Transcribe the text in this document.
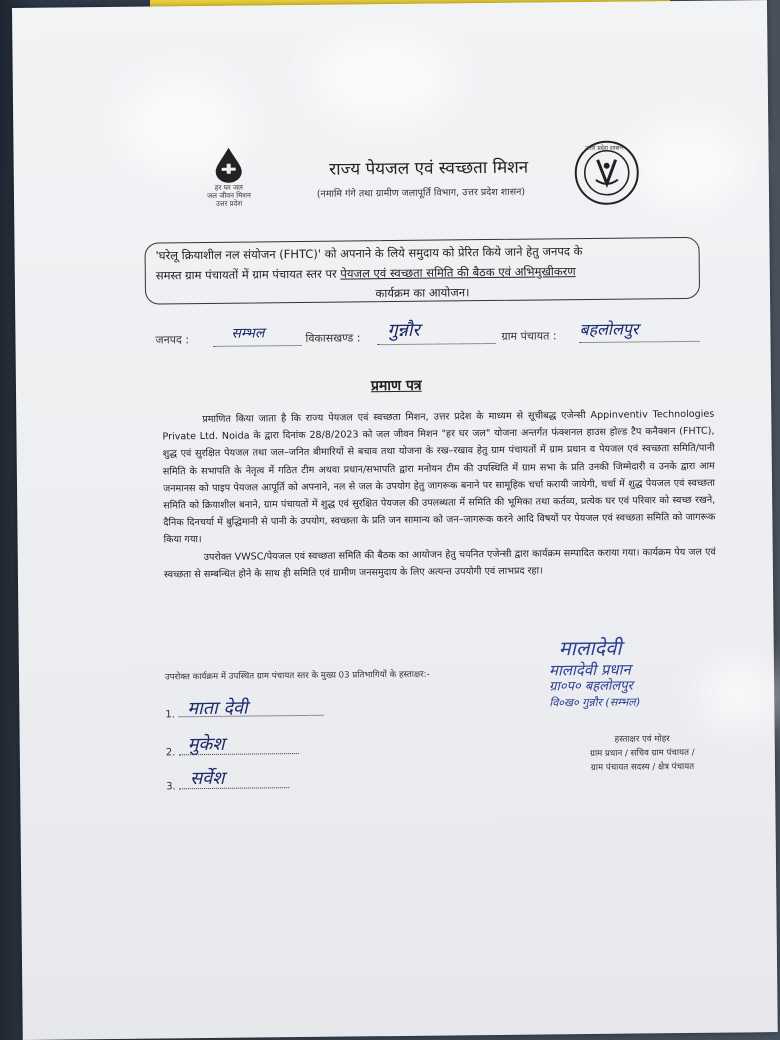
हर घर जल
जल जीवन मिशन
उत्तर प्रदेश
राज्य पेयजल एवं स्वच्छता मिशन
(नमामि गंगे तथा ग्रामीण जलापूर्ति विभाग, उत्तर प्रदेश शासन)
उत्तर प्रदेश शासन
'घरेलू क्रियाशील नल संयोजन (FHTC)' को अपनाने के लिये समुदाय को प्रेरित किये जाने हेतु जनपद के
समस्त ग्राम पंचायतों में ग्राम पंचायत स्तर पर पेयजल एवं स्वच्छता समिति की बैठक एवं अभिमुखीकरण

कार्यक्रम का आयोजन।
जनपद :	सम्भल	विकासखण्ड : गुन्नौर	ग्राम पंचायत : बहलोलपुर
प्रमाण पत्र

प्रमाणित किया जाता है कि राज्य पेयजल एवं स्वच्छता मिशन, उत्तर प्रदेश के माध्यम से सूचीबद्ध एजेन्सी Appinventiv Technologies Private Ltd. Noida के द्वारा दिनांक 28/8/2023 को जल जीवन मिशन "हर घर जल" योजना अन्तर्गत फंक्शनल हाउस होल्ड टैप कनैक्शन (FHTC), शुद्ध एवं सुरक्षित पेयजल तथा जल–जनित बीमारियों से बचाव तथा योजना के रख–रखाव हेतु ग्राम पंचायतों में ग्राम प्रधान व पेयजल एवं स्वच्छता समिति/पानी समिति के सभापति के नेतृत्व में गठित टीम अथवा प्रधान/सभापति द्वारा मनोयन टीम की उपस्थिति में ग्राम सभा के प्रति उनकी जिम्मेदारी व उनके द्वारा आम जनमानस को पाइप पेयजल आपूर्ति को अपनाने, नल से जल के उपयोग हेतु जागरूक बनाने पर सामूहिक चर्चा करायी जायेगी, चर्चा में शुद्ध पेयजल एवं स्वच्छता समिति को क्रियाशील बनाने, ग्राम पंचायतों में शुद्ध एवं सुरक्षित पेयजल की उपलब्धता में समिति की भूमिका तथा कर्तव्य, प्रत्येक घर एवं परिवार को स्वच्छ रखने, दैनिक दिनचर्या में बुद्धिमानी से पानी के उपयोग, स्वच्छता के प्रति जन सामान्य को जन–जागरूक करने आदि विषयों पर पेयजल एवं स्वच्छता समिति को जागरूक किया गया।

उपरोक्त VWSC/पेयजल एवं स्वच्छता समिति की बैठक का आयोजन हेतु चयनित एजेन्सी द्वारा कार्यक्रम सम्पादित कराया गया। कार्यक्रम पेय जल एवं स्वच्छता से सम्बन्धित होने के साथ ही समिति एवं ग्रामीण जनसमुदाय के लिए अत्यन्त उपयोगी एवं लाभप्रद रहा।

उपरोक्त कार्यक्रम में उपस्थित ग्राम पंचायत स्तर के मुख्य 03 प्रतिभागियों के हस्ताक्षर:-
1. माता देवी
2. मुकेश
3. सर्वेश
मालादेवी
मालादेवी प्रधान
ग्रा०प० बहलोलपुर
वि०ख० गुन्नौर (सम्भल)
हस्ताक्षर एवं मोहर
ग्राम प्रधान / सचिव ग्राम पंचायत /
ग्राम पंचायत सदस्य / क्षेत्र पंचायत
